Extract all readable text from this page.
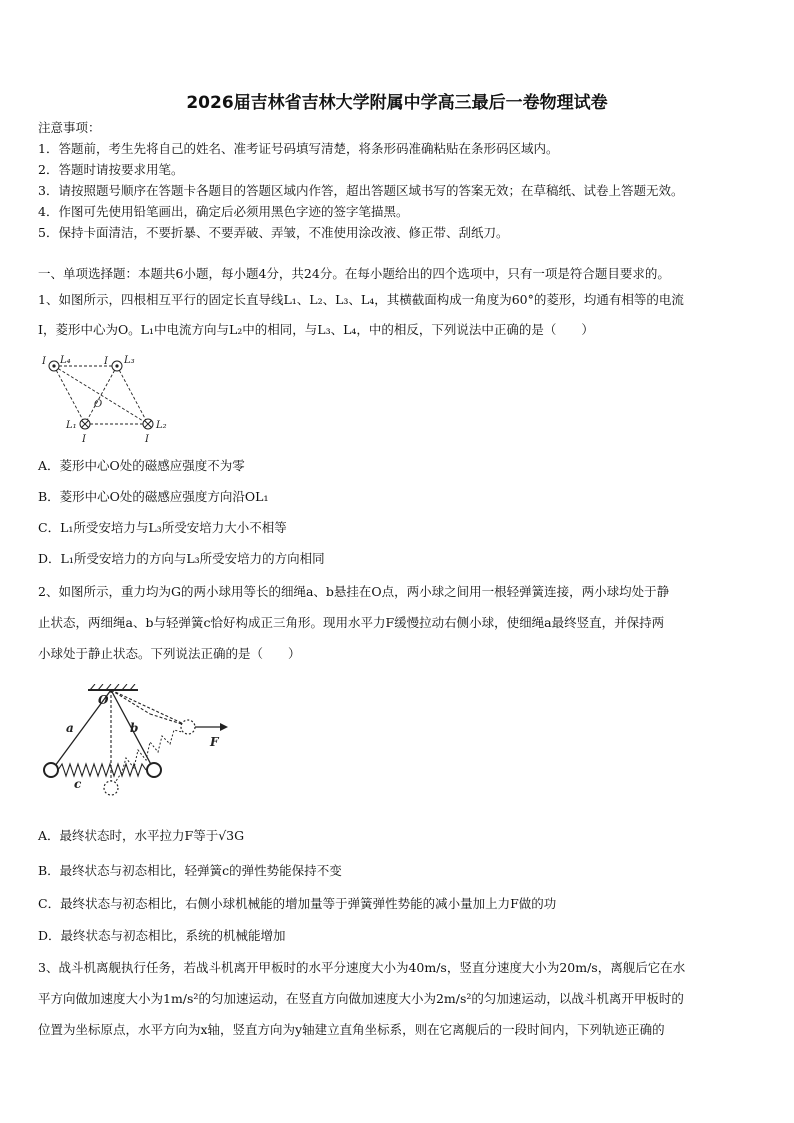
2026届吉林省吉林大学附属中学高三最后一卷物理试卷
注意事项：
1．答题前，考生先将自己的姓名、准考证号码填写清楚，将条形码准确粘贴在条形码区域内。
2．答题时请按要求用笔。
3．请按照题号顺序在答题卡各题目的答题区域内作答，超出答题区域书写的答案无效；在草稿纸、试卷上答题无效。
4．作图可先使用铅笔画出，确定后必须用黑色字迹的签字笔描黑。
5．保持卡面清洁，不要折暴、不要弄破、弄皱，不准使用涂改液、修正带、刮纸刀。
一、单项选择题：本题共6小题，每小题4分，共24分。在每小题给出的四个选项中，只有一项是符合题目要求的。
1、如图所示，四根相互平行的固定长直导线L₁、L₂、L₃、L₄，其横截面构成一角度为60°的菱形，均通有相等的电流
I，菱形中心为O。L₁中电流方向与L₂中的相同，与L₃、L₄，中的相反，下列说法中正确的是（　　）
I L₄	I L₃
O
L₁	L₂
I	I
A．菱形中心O处的磁感应强度不为零
B．菱形中心O处的磁感应强度方向沿OL₁
C．L₁所受安培力与L₃所受安培力大小不相等
D．L₁所受安培力的方向与L₃所受安培力的方向相同
2、如图所示，重力均为G的两小球用等长的细绳a、b悬挂在O点，两小球之间用一根轻弹簧连接，两小球均处于静
止状态，两细绳a、b与轻弹簧c恰好构成正三角形。现用水平力F缓慢拉动右侧小球，使细绳a最终竖直，并保持两
小球处于静止状态。下列说法正确的是（　　）
O
a	b
c
F
A．最终状态时，水平拉力F等于√3G
B．最终状态与初态相比，轻弹簧c的弹性势能保持不变
C．最终状态与初态相比，右侧小球机械能的增加量等于弹簧弹性势能的减小量加上力F做的功
D．最终状态与初态相比，系统的机械能增加
3、战斗机离舰执行任务，若战斗机离开甲板时的水平分速度大小为40m/s，竖直分速度大小为20m/s，离舰后它在水
平方向做加速度大小为1m/s²的匀加速运动，在竖直方向做加速度大小为2m/s²的匀加速运动，以战斗机离开甲板时的
位置为坐标原点，水平方向为x轴，竖直方向为y轴建立直角坐标系，则在它离舰后的一段时间内，下列轨迹正确的
